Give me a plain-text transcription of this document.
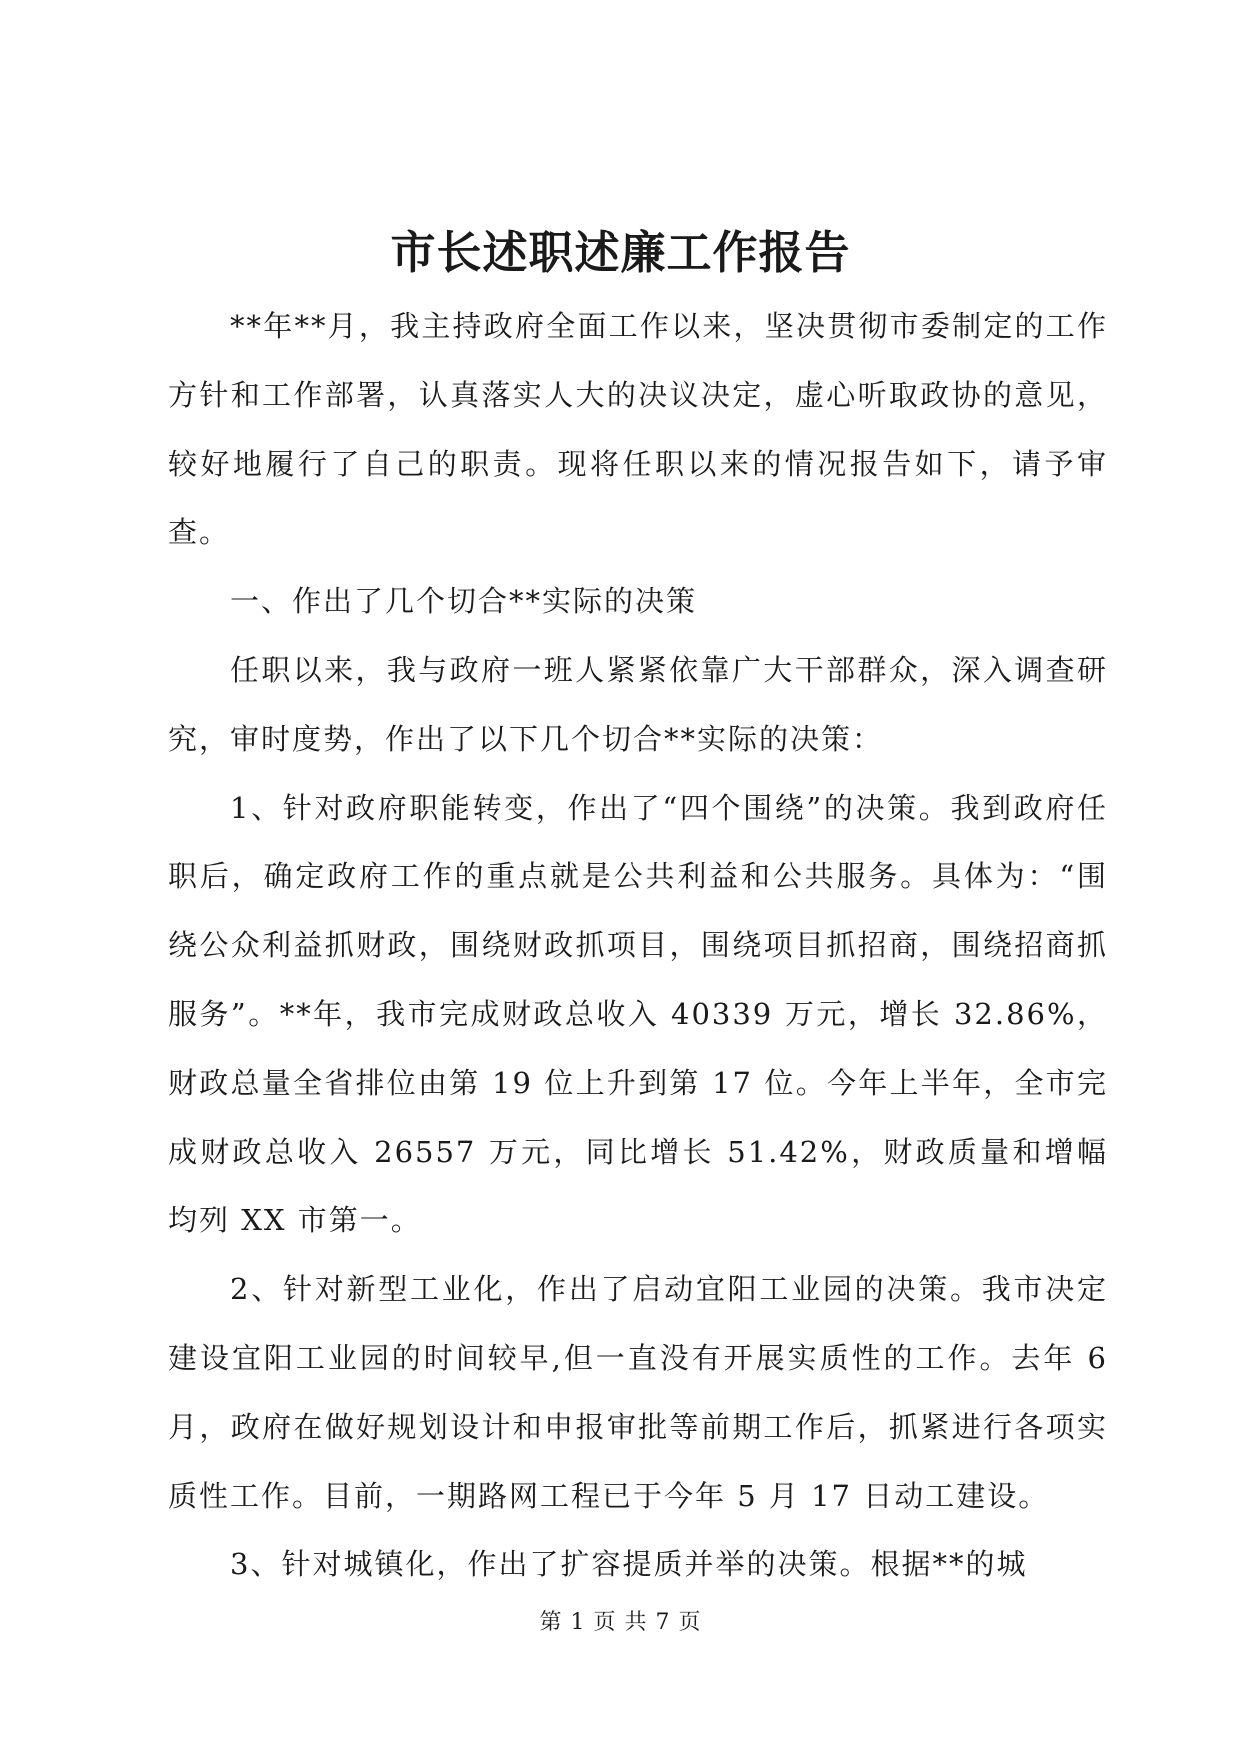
市长述职述廉工作报告

**年**月，我主持政府全面工作以来，坚决贯彻市委制定的工作方针和工作部署，认真落实人大的决议决定，虚心听取政协的意见，较好地履行了自己的职责。现将任职以来的情况报告如下，请予审查。

一、作出了几个切合**实际的决策

任职以来，我与政府一班人紧紧依靠广大干部群众，深入调查研究，审时度势，作出了以下几个切合**实际的决策：

1、针对政府职能转变，作出了“四个围绕”的决策。我到政府任职后，确定政府工作的重点就是公共利益和公共服务。具体为：“围绕公众利益抓财政，围绕财政抓项目，围绕项目抓招商，围绕招商抓服务”。**年，我市完成财政总收入 40339 万元，增长 32.86%，财政总量全省排位由第 19 位上升到第 17 位。今年上半年，全市完成财政总收入 26557 万元，同比增长 51.42%，财政质量和增幅均列 XX 市第一。

2、针对新型工业化，作出了启动宜阳工业园的决策。我市决定建设宜阳工业园的时间较早,但一直没有开展实质性的工作。去年 6 月，政府在做好规划设计和申报审批等前期工作后，抓紧进行各项实质性工作。目前，一期路网工程已于今年 5 月 17 日动工建设。

3、针对城镇化，作出了扩容提质并举的决策。根据**的城

第 1 页 共 7 页
